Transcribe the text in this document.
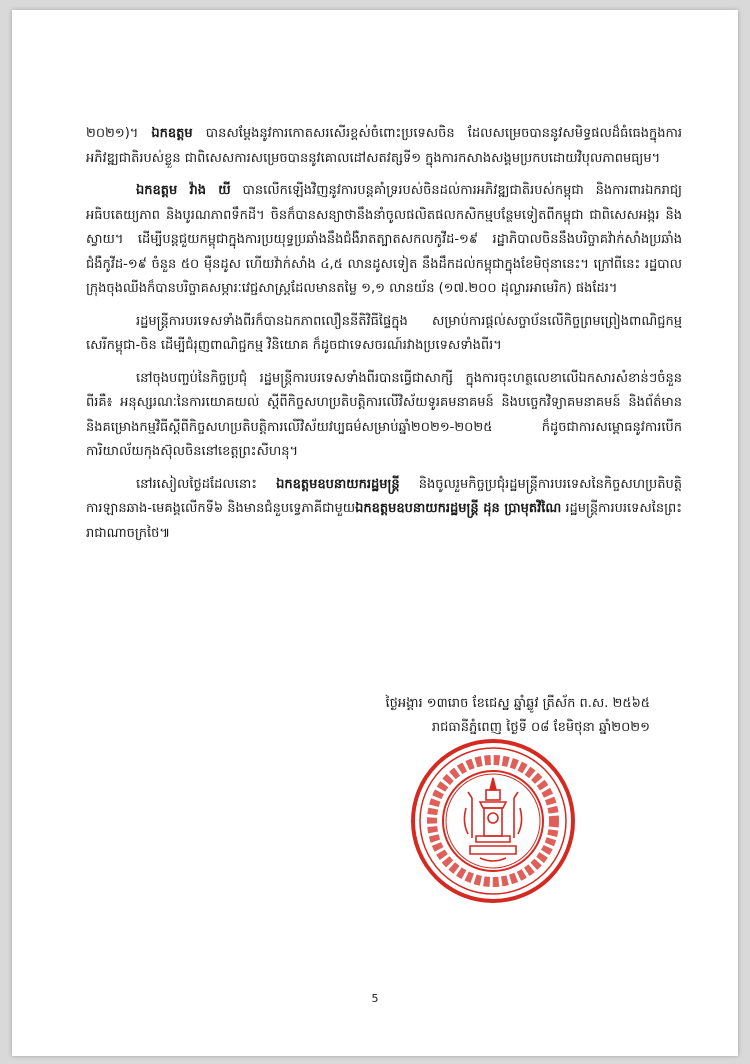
២០២១)។ ឯកឧត្តម បានសម្តែងនូវការកោតសរសើរខ្ពស់ចំពោះប្រទេសចិន ដែលសម្រេចបាននូវសមិទ្ធផលដ៏ធំធេងក្នុងការអភិវឌ្ឍជាតិរបស់ខ្លួន ជាពិសេសការសម្រេចបាននូវគោលដៅសតវត្សទី១ ក្នុងការកសាងសង្គមប្រកបដោយវិបុលភាពមធ្យម។

ឯកឧត្តម វ៉ាង យី បានលើកឡើងវិញនូវការបន្តគាំទ្ររបស់ចិនដល់ការអភិវឌ្ឍជាតិរបស់កម្ពុជា និងការពារឯករាជ្យ អធិបតេយ្យភាព និងបូរណភាពទឹកដី។ ចិនក៏បានសន្យាថានឹងនាំចូលផលិតផលកសិកម្មបន្ថែមទៀតពីកម្ពុជា ជាពិសេសអង្ករ និងស្វាយ។ ដើម្បីបន្តជួយកម្ពុជាក្នុងការប្រយុទ្ធប្រឆាំងនឹងជំងឺរាតត្បាតសកលកូវីដ-១៩ រដ្ឋាភិបាលចិននឹងបរិច្ចាគវ៉ាក់សាំងប្រឆាំងជំងឺកូវីដ-១៩ ចំនួន ៥០ ម៉ឺនដូស ហើយវ៉ាក់សាំង ៤,៥ លានដូសទៀត នឹងដឹកដល់កម្ពុជាក្នុងខែមិថុនានេះ។ ក្រៅពីនេះ រដ្ឋបាលក្រុងចុងឈីងក៏បានបរិច្ចាគសម្ភារៈវេជ្ជសាស្ត្រដែលមានតម្លៃ ១,១ លានយ័ន (១៧.២០០ ដុល្លារអាមេរិក) ផងដែរ។

រដ្ឋមន្ត្រីការបរទេសទាំងពីរក៏បានឯកភាពលឿននីតិវិធីផ្ទៃក្នុង សម្រាប់ការផ្តល់សច្ចាប័នលើកិច្ចព្រមព្រៀងពាណិជ្ជកម្មសេរីកម្ពុជា-ចិន ដើម្បីជំរុញពាណិជ្ជកម្ម វិនិយោគ ក៏ដូចជាទេសចរណ៍រវាងប្រទេសទាំងពីរ។

នៅចុងបញ្ចប់នៃកិច្ចប្រជុំ រដ្ឋមន្ត្រីការបរទេសទាំងពីរបានធ្វើជាសាក្សី ក្នុងការចុះហត្ថលេខាលើឯកសារសំខាន់ៗចំនួនពីរគឺ៖ អនុស្សរណៈនៃការយោគយល់ ស្តីពីកិច្ចសហប្រតិបត្តិការលើវិស័យទូរគមនាគមន៍ និងបច្ចេកវិទ្យាគមនាគមន៍ និងព័ត៌មាន និងគម្រោងកម្មវិធីស្តីពីកិច្ចសហប្រតិបត្តិការលើវិស័យវប្បធម៌សម្រាប់ឆ្នាំ២០២១-២០២៥ ក៏ដូចជាការសម្ពោធនូវការបើកការិយាល័យកុងស៊ុលចិននៅខេត្តព្រះសីហនុ។

នៅរសៀលថ្ងៃដដែលនោះ ឯកឧត្តមឧបនាយករដ្ឋមន្ត្រី និងចូលរួមកិច្ចប្រជុំរដ្ឋមន្ត្រីការបរទេសនៃកិច្ចសហប្រតិបត្តិការឡានឆាង-មេគង្គលើកទី៦ និងមានជំនួបទ្វេភាគីជាមួយឯកឧត្តមឧបនាយករដ្ឋមន្ត្រី ដុន ប្រាមុតវិណៃ រដ្ឋមន្ត្រីការបរទេសនៃព្រះរាជាណាចក្រថៃ៕

ថ្ងៃអង្គារ ១៣រោច ខែជេស្ឋ ឆ្នាំឆ្លូវ ត្រីស័ក ព.ស. ២៥៦៥
រាជធានីភ្នំពេញ ថ្ងៃទី ០៨ ខែមិថុនា ឆ្នាំ២០២១
5
